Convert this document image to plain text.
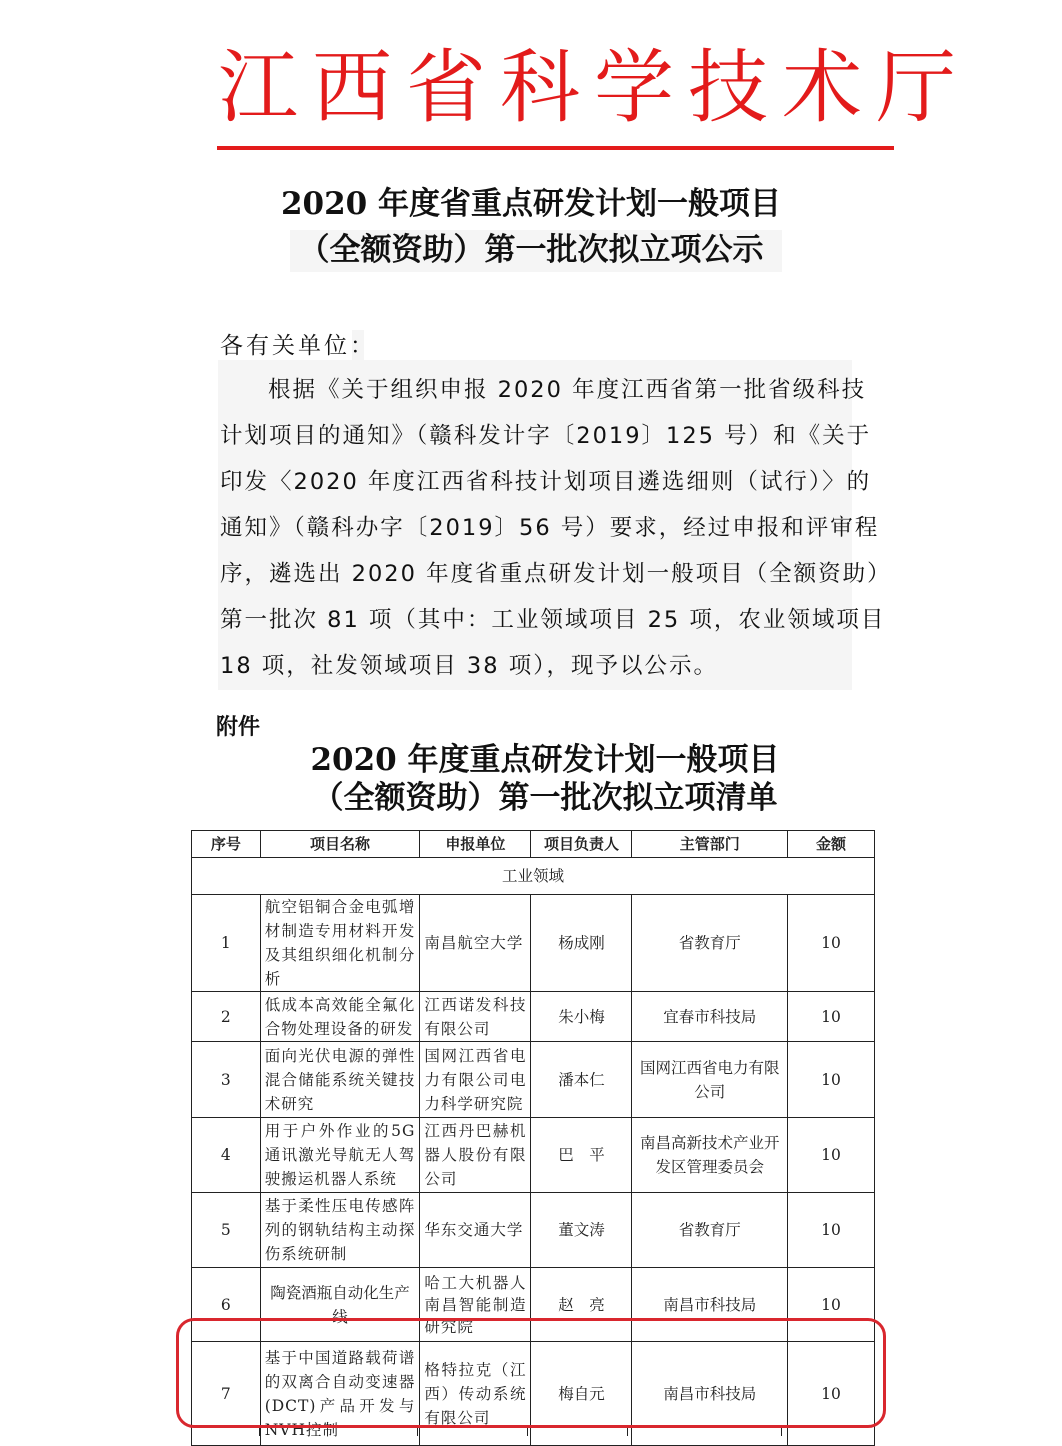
江西省科学技术厅
2020 年度省重点研发计划一般项目
（全额资助）第一批次拟立项公示
各有关单位：
根据《关于组织申报 2020 年度江西省第一批省级科技
计划项目的通知》（赣科发计字〔2019〕125 号）和《关于
印发〈2020 年度江西省科技计划项目遴选细则（试行）〉的
通知》（赣科办字〔2019〕56 号）要求，经过申报和评审程
序，遴选出 2020 年度省重点研发计划一般项目（全额资助）
第一批次 81 项（其中：工业领域项目 25 项，农业领域项目
18 项，社发领域项目 38 项），现予以公示。
附件
2020 年度重点研发计划一般项目
（全额资助）第一批次拟立项清单
序号	项目名称	申报单位	项目负责人	主管部门	金额
工业领域					
1	航空铝铜合金电弧增材制造专用材料开发及其组织细化机制分析	南昌航空大学	杨成刚	省教育厅	10
2	低成本高效能全氟化合物处理设备的研发	江西诺发科技有限公司	朱小梅	宜春市科技局	10
3	面向光伏电源的弹性混合储能系统关键技术研究	国网江西省电力有限公司电力科学研究院	潘本仁	国网江西省电力有限公司	10
4	用于户外作业的5G通讯激光导航无人驾驶搬运机器人系统	江西丹巴赫机器人股份有限公司	巴　平	南昌高新技术产业开发区管理委员会	10
5	基于柔性压电传感阵列的钢轨结构主动探伤系统研制	华东交通大学	董文涛	省教育厅	10
6	陶瓷酒瓶自动化生产线	哈工大机器人南昌智能制造研究院	赵　亮	南昌市科技局	10
7	基于中国道路载荷谱的双离合自动变速器(DCT)产品开发与NVH控制	格特拉克（江西）传动系统有限公司	梅自元	南昌市科技局	10
